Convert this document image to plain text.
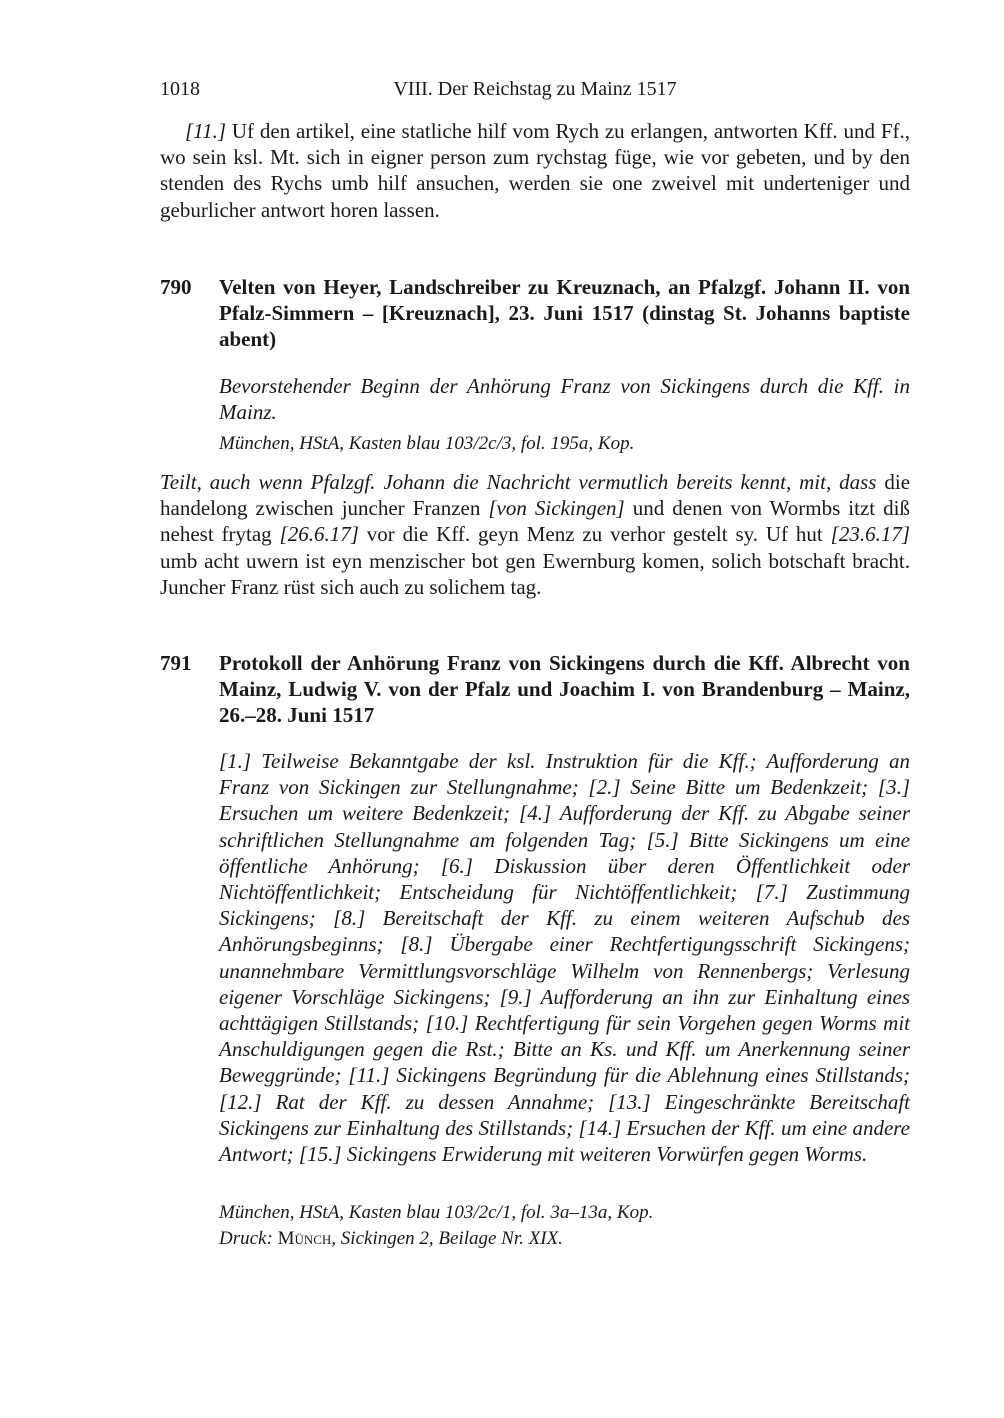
1018	VIII. Der Reichstag zu Mainz 1517

[11.] Uf den artikel, eine statliche hilf vom Rych zu erlangen, antworten Kff. und Ff., wo sein ksl. Mt. sich in eigner person zum rychstag füge, wie vor gebeten, und by den stenden des Rychs umb hilf ansuchen, werden sie one zweivel mit underteniger und geburlicher antwort horen lassen.

790 Velten von Heyer, Landschreiber zu Kreuznach, an Pfalzgf. Johann II. von Pfalz-Simmern – [Kreuznach], 23. Juni 1517 (dinstag St. Johanns baptiste abent)

Bevorstehender Beginn der Anhörung Franz von Sickingens durch die Kff. in Mainz.

München, HStA, Kasten blau 103/2c/3, fol. 195a, Kop.

Teilt, auch wenn Pfalzgf. Johann die Nachricht vermutlich bereits kennt, mit, dass die handelong zwischen juncher Franzen [von Sickingen] und denen von Wormbs itzt diß nehest frytag [26.6.17] vor die Kff. geyn Menz zu verhor gestelt sy. Uf hut [23.6.17] umb acht uwern ist eyn menzischer bot gen Ewernburg komen, solich botschaft bracht. Juncher Franz rüst sich auch zu solichem tag.

791 Protokoll der Anhörung Franz von Sickingens durch die Kff. Albrecht von Mainz, Ludwig V. von der Pfalz und Joachim I. von Brandenburg – Mainz, 26.–28. Juni 1517

[1.] Teilweise Bekanntgabe der ksl. Instruktion für die Kff.; Aufforderung an Franz von Sickingen zur Stellungnahme; [2.] Seine Bitte um Bedenkzeit; [3.] Ersuchen um weitere Bedenkzeit; [4.] Aufforderung der Kff. zu Abgabe seiner schriftlichen Stellungnahme am folgenden Tag; [5.] Bitte Sickingens um eine öffentliche Anhörung; [6.] Diskussion über deren Öffentlichkeit oder Nichtöffentlichkeit; Entscheidung für Nichtöffentlichkeit; [7.] Zustimmung Sickingens; [8.] Bereitschaft der Kff. zu einem weiteren Aufschub des Anhörungsbeginns; [8.] Übergabe einer Rechtfertigungsschrift Sickingens; unannehmbare Vermittlungsvorschläge Wilhelm von Rennenbergs; Verlesung eigener Vorschläge Sickingens; [9.] Aufforderung an ihn zur Einhaltung eines achttägigen Stillstands; [10.] Rechtfertigung für sein Vorgehen gegen Worms mit Anschuldigungen gegen die Rst.; Bitte an Ks. und Kff. um Anerkennung seiner Beweggründe; [11.] Sickingens Begründung für die Ablehnung eines Stillstands; [12.] Rat der Kff. zu dessen Annahme; [13.] Eingeschränkte Bereitschaft Sickingens zur Einhaltung des Stillstands; [14.] Ersuchen der Kff. um eine andere Antwort; [15.] Sickingens Erwiderung mit weiteren Vorwürfen gegen Worms.

München, HStA, Kasten blau 103/2c/1, fol. 3a–13a, Kop.

Druck: Münch, Sickingen 2, Beilage Nr. XIX.
